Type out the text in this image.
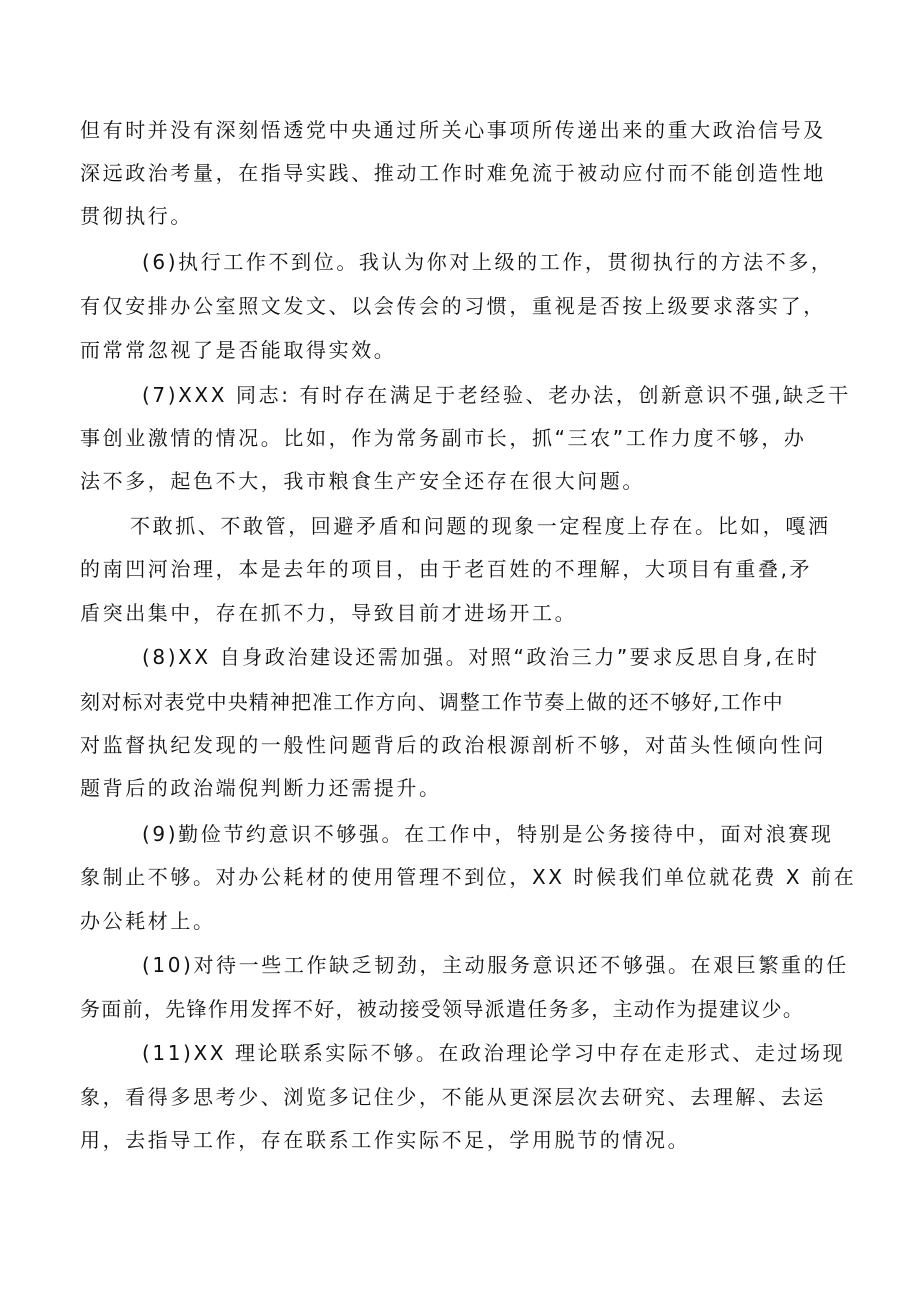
但有时并没有深刻悟透党中央通过所关心事项所传递出来的重大政治信号及
深远政治考量，在指导实践、推动工作时难免流于被动应付而不能创造性地
贯彻执行。
(6)执行工作不到位。我认为你对上级的工作，贯彻执行的方法不多，
有仅安排办公室照文发文、以会传会的习惯，重视是否按上级要求落实了，
而常常忽视了是否能取得实效。
(7)XXX 同志: 有时存在满足于老经验、老办法，创新意识不强,缺乏干
事创业激情的情况。比如，作为常务副市长，抓“三农”工作力度不够，办
法不多，起色不大，我市粮食生产安全还存在很大问题。
不敢抓、不敢管，回避矛盾和问题的现象一定程度上存在。比如，嘎洒
的南凹河治理，本是去年的项目，由于老百姓的不理解，大项目有重叠,矛
盾突出集中，存在抓不力，导致目前才进场开工。
(8)XX 自身政治建设还需加强。对照“政治三力”要求反思自身,在时
刻对标对表党中央精神把准工作方向、调整工作节奏上做的还不够好,工作中
对监督执纪发现的一般性问题背后的政治根源剖析不够，对苗头性倾向性问
题背后的政治端倪判断力还需提升。
(9)勤俭节约意识不够强。在工作中，特别是公务接待中，面对浪赛现
象制止不够。对办公耗材的使用管理不到位，XX 时候我们单位就花费 X 前在
办公耗材上。
(10)对待一些工作缺乏韧劲，主动服务意识还不够强。在艰巨繁重的任
务面前，先锋作用发挥不好，被动接受领导派遣任务多，主动作为提建议少。
(11)XX 理论联系实际不够。在政治理论学习中存在走形式、走过场现
象，看得多思考少、浏览多记住少，不能从更深层次去研究、去理解、去运
用，去指导工作，存在联系工作实际不足，学用脱节的情况。
